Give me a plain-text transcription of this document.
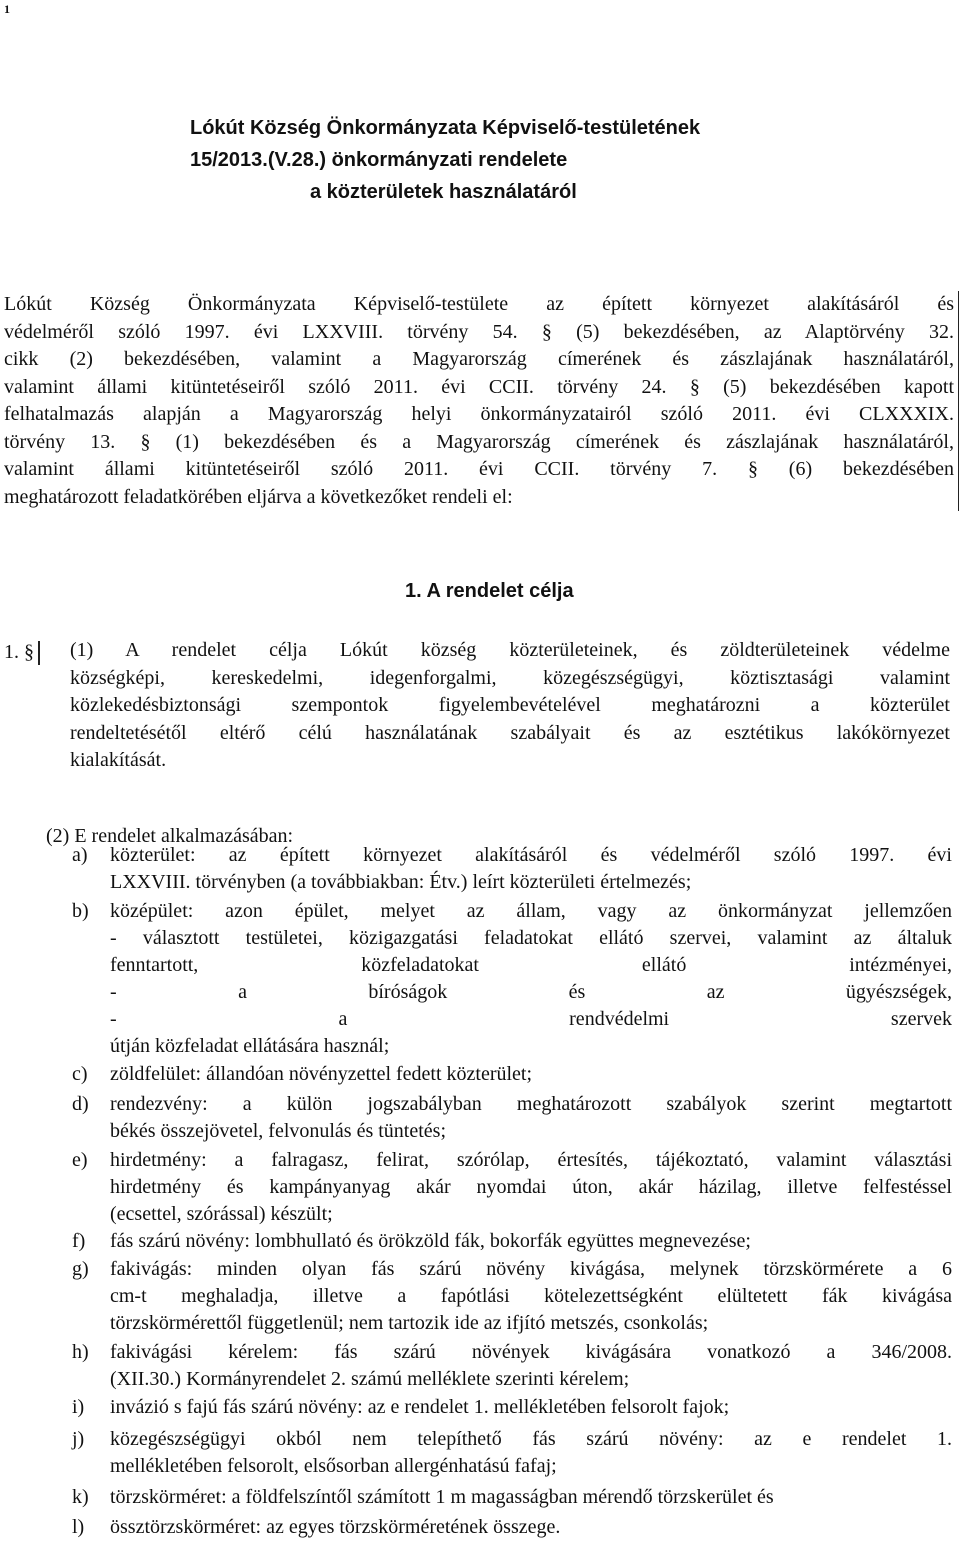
1
Lókút Község Önkormányzata Képviselő-testületének
15/2013.(V.28.) önkormányzati rendelete
a közterületek használatáról
Lókút Község Önkormányzata Képviselő-testülete az épített környezet alakításáról és
védelméről szóló 1997. évi LXXVIII. törvény 54. § (5) bekezdésében, az Alaptörvény 32.
cikk (2) bekezdésében, valamint a Magyarország címerének és zászlajának használatáról,
valamint állami kitüntetéseiről szóló 2011. évi CCII. törvény 24. § (5) bekezdésében kapott
felhatalmazás alapján a Magyarország helyi önkormányzatairól szóló 2011. évi CLXXXIX.
törvény 13. § (1) bekezdésében és a Magyarország címerének és zászlajának használatáról,
valamint állami kitüntetéseiről szóló 2011. évi CCII. törvény 7. § (6) bekezdésében
meghatározott feladatkörében eljárva a következőket rendeli el:
1. A rendelet célja
1. § (1) A rendelet célja Lókút község közterületeinek, és zöldterületeinek védelme
községképi, kereskedelmi, idegenforgalmi, közegészségügyi, köztisztasági valamint
közlekedésbiztonsági szempontok figyelembevételével meghatározni a közterület
rendeltetésétől eltérő célú használatának szabályait és az esztétikus lakókörnyezet
kialakítását.
(2) E rendelet alkalmazásában:
a)	közterület: az épített környezet alakításáról és védelméről szóló 1997. évi
LXXVIII. törvényben (a továbbiakban: Étv.) leírt közterületi értelmezés;
b)	középület: azon épület, melyet az állam, vagy az önkormányzat jellemzően
- választott testületei, közigazgatási feladatokat ellátó szervei, valamint az általuk
fenntartott, közfeladatokat ellátó intézményei,
- a bíróságok és az ügyészségek,
- a rendvédelmi szervek
útján közfeladat ellátására használ;
c)	zöldfelület: állandóan növényzettel fedett közterület;
d)	rendezvény: a külön jogszabályban meghatározott szabályok szerint megtartott
békés összejövetel, felvonulás és tüntetés;
e)	hirdetmény: a falragasz, felirat, szórólap, értesítés, tájékoztató, valamint választási
hirdetmény és kampányanyag akár nyomdai úton, akár házilag, illetve felfestéssel
(ecsettel, szórással) készült;
f)	fás szárú növény: lombhullató és örökzöld fák, bokorfák együttes megnevezése;
g)	fakivágás: minden olyan fás szárú növény kivágása, melynek törzskörmérete a 6
cm-t meghaladja, illetve a fapótlási kötelezettségként elültetett fák kivágása
törzskörmérettől függetlenül; nem tartozik ide az ifjító metszés, csonkolás;
h)	fakivágási kérelem: fás szárú növények kivágására vonatkozó a 346/2008.
(XII.30.) Kormányrendelet 2. számú melléklete szerinti kérelem;
i)	invázió s fajú fás szárú növény: az e rendelet 1. mellékletében felsorolt fajok;
j)	közegészségügyi okból nem telepíthető fás szárú növény: az e rendelet 1.
mellékletében felsorolt, elsősorban allergénhatású fafaj;
k)	törzskörméret: a földfelszíntől számított 1 m magasságban mérendő törzskerület és
l)	össztörzskörméret: az egyes törzskörméretének összege.
